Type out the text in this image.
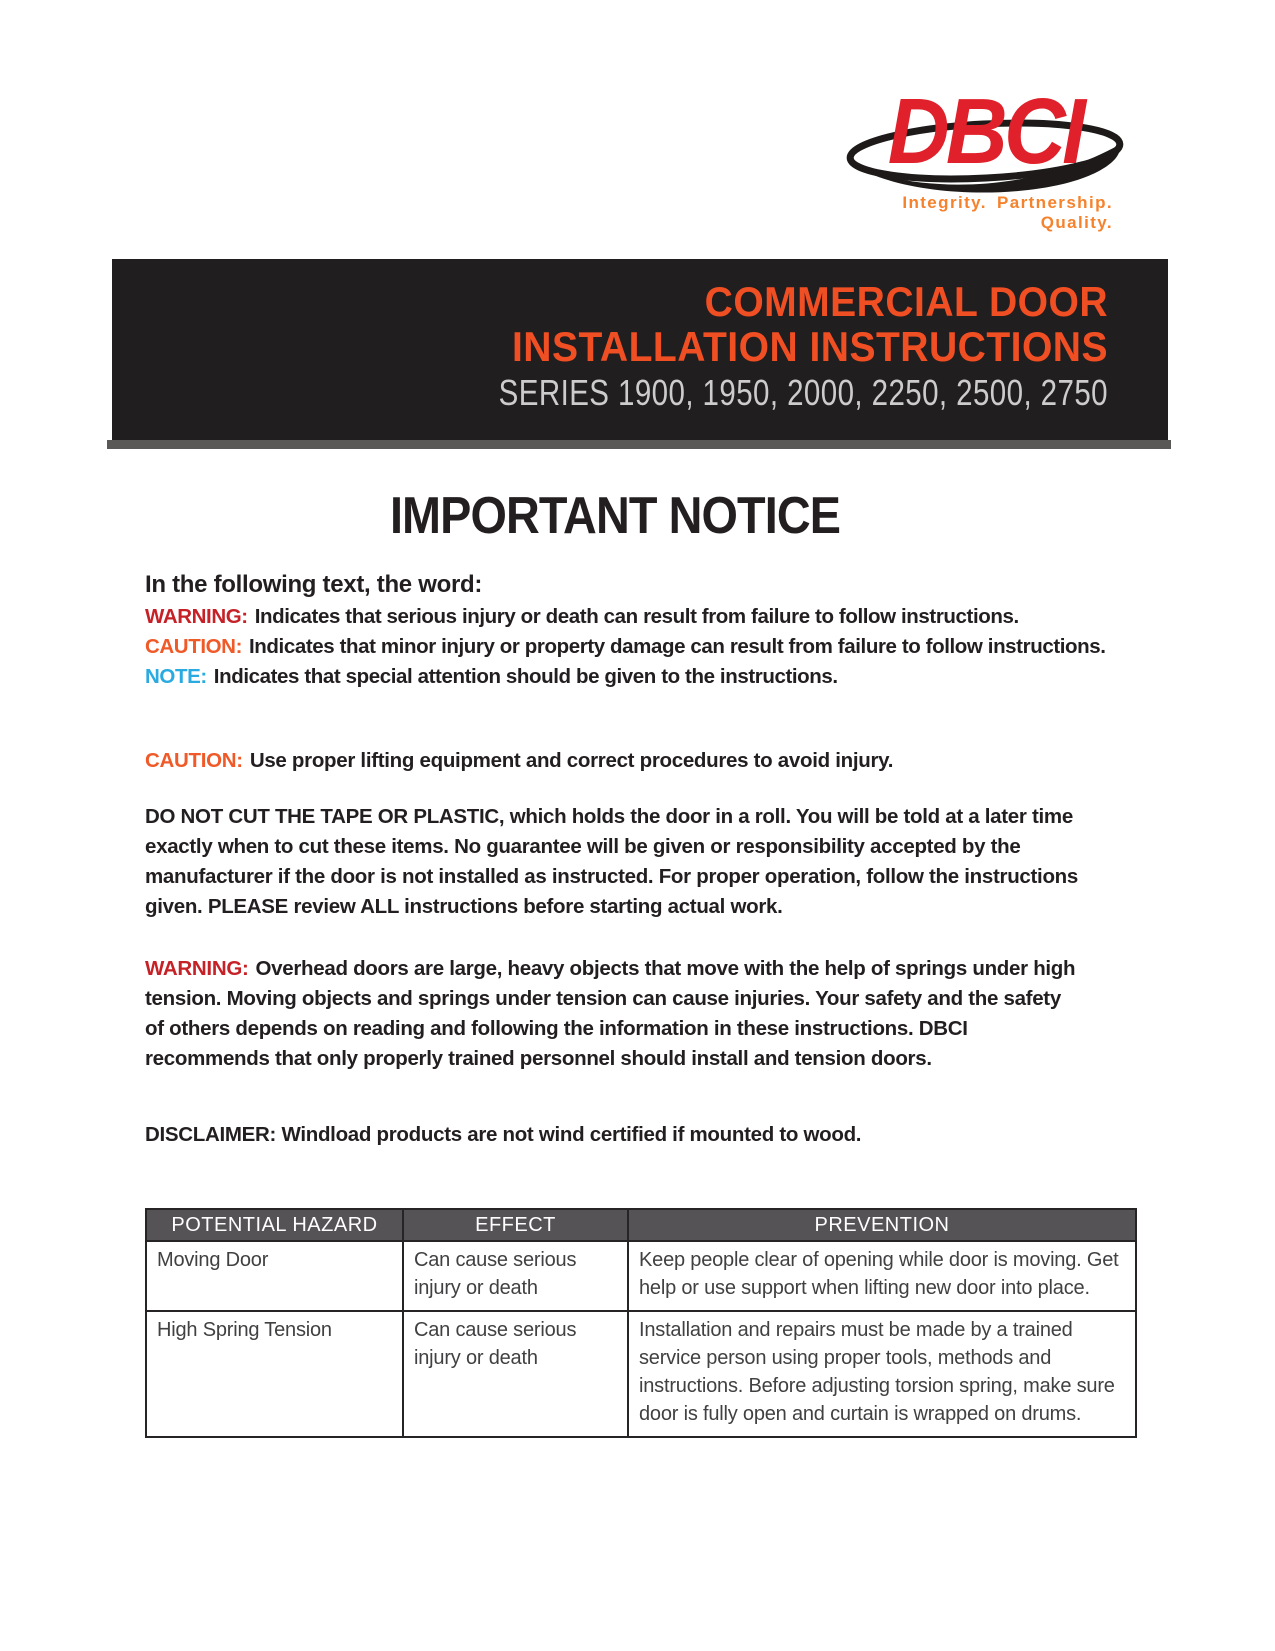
DBCI
Integrity. Partnership. Quality.
COMMERCIAL DOOR
INSTALLATION INSTRUCTIONS
SERIES 1900, 1950, 2000, 2250, 2500, 2750
IMPORTANT NOTICE

In the following text, the word:

WARNING: Indicates that serious injury or death can result from failure to follow instructions.

CAUTION: Indicates that minor injury or property damage can result from failure to follow instructions.

NOTE: Indicates that special attention should be given to the instructions.

CAUTION: Use proper lifting equipment and correct procedures to avoid injury.

DO NOT CUT THE TAPE OR PLASTIC, which holds the door in a roll. You will be told at a later time exactly when to cut these items. No guarantee will be given or responsibility accepted by the manufacturer if the door is not installed as instructed. For proper operation, follow the instructions given. PLEASE review ALL instructions before starting actual work.

WARNING: Overhead doors are large, heavy objects that move with the help of springs under high tension. Moving objects and springs under tension can cause injuries. Your safety and the safety of others depends on reading and following the information in these instructions. DBCI recommends that only properly trained personnel should install and tension doors.

DISCLAIMER: Windload products are not wind certified if mounted to wood.

POTENTIAL HAZARD	EFFECT	PREVENTION
Moving Door	Can cause serious injury or death	Keep people clear of opening while door is moving. Get help or use support when lifting new door into place.
High Spring Tension	Can cause serious injury or death	Installation and repairs must be made by a trained service person using proper tools, methods and instructions. Before adjusting torsion spring, make sure door is fully open and curtain is wrapped on drums.
